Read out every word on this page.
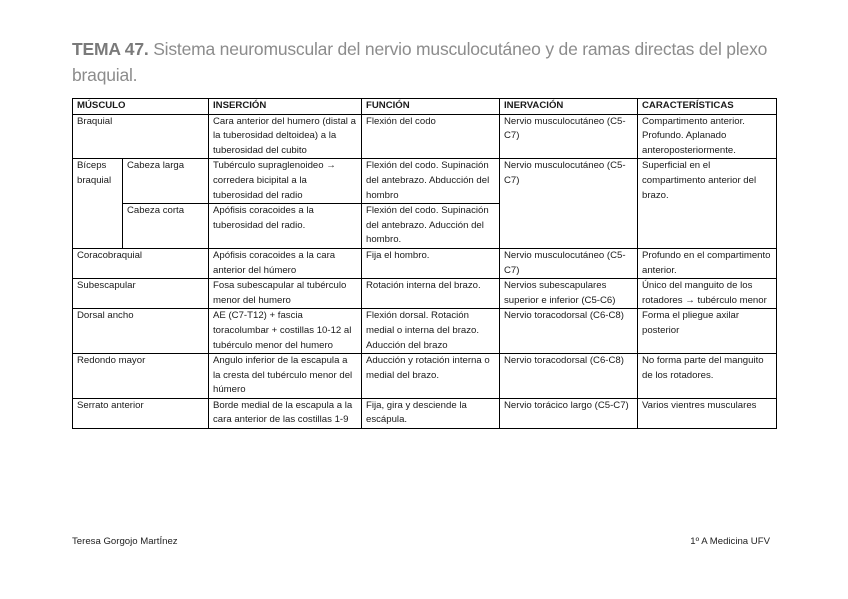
TEMA 47. Sistema neuromuscular del nervio musculocutáneo y de ramas directas del plexo braquial.
MÚSCULO		INSERCIÓN	FUNCIÓN	INERVACIÓN	CARACTERÍSTICAS
Braquial		Cara anterior del humero (distal a la tuberosidad deltoidea) a la tuberosidad del cubito	Flexión del codo	Nervio musculocutáneo (C5-C7)	Compartimento anterior. Profundo. Aplanado anteroposteriormente.
Bíceps braquial	Cabeza larga	Tubérculo supraglenoideo → corredera bicipital a la tuberosidad del radio	Flexión del codo. Supinación del antebrazo. Abducción del hombro	Nervio musculocutáneo (C5-C7)	Superficial en el compartimento anterior del brazo.
	Cabeza corta	Apófisis coracoides a la tuberosidad del radio.	Flexión del codo. Supinación del antebrazo. Aducción del hombro.		
Coracobraquial		Apófisis coracoides a la cara anterior del húmero	Fija el hombro.	Nervio musculocutáneo (C5-C7)	Profundo en el compartimento anterior.
Subescapular		Fosa subescapular al tubérculo menor del humero	Rotación interna del brazo.	Nervios subescapulares superior e inferior (C5-C6)	Único del manguito de los rotadores → tubérculo menor
Dorsal ancho		AE (C7-T12) + fascia toracolumbar + costillas 10-12 al tubérculo menor del humero	Flexión dorsal. Rotación medial o interna del brazo. Aducción del brazo	Nervio toracodorsal (C6-C8)	Forma el pliegue axilar posterior
Redondo mayor		Angulo inferior de la escapula a la cresta del tubérculo menor del húmero	Aducción y rotación interna o medial del brazo.	Nervio toracodorsal (C6-C8)	No forma parte del manguito de los rotadores.
Serrato anterior		Borde medial de la escapula a la cara anterior de las costillas 1-9	Fija, gira y desciende la escápula.	Nervio torácico largo (C5-C7)	Varios vientres musculares
Teresa Gorgojo MartÍnez	1º A Medicina UFV
